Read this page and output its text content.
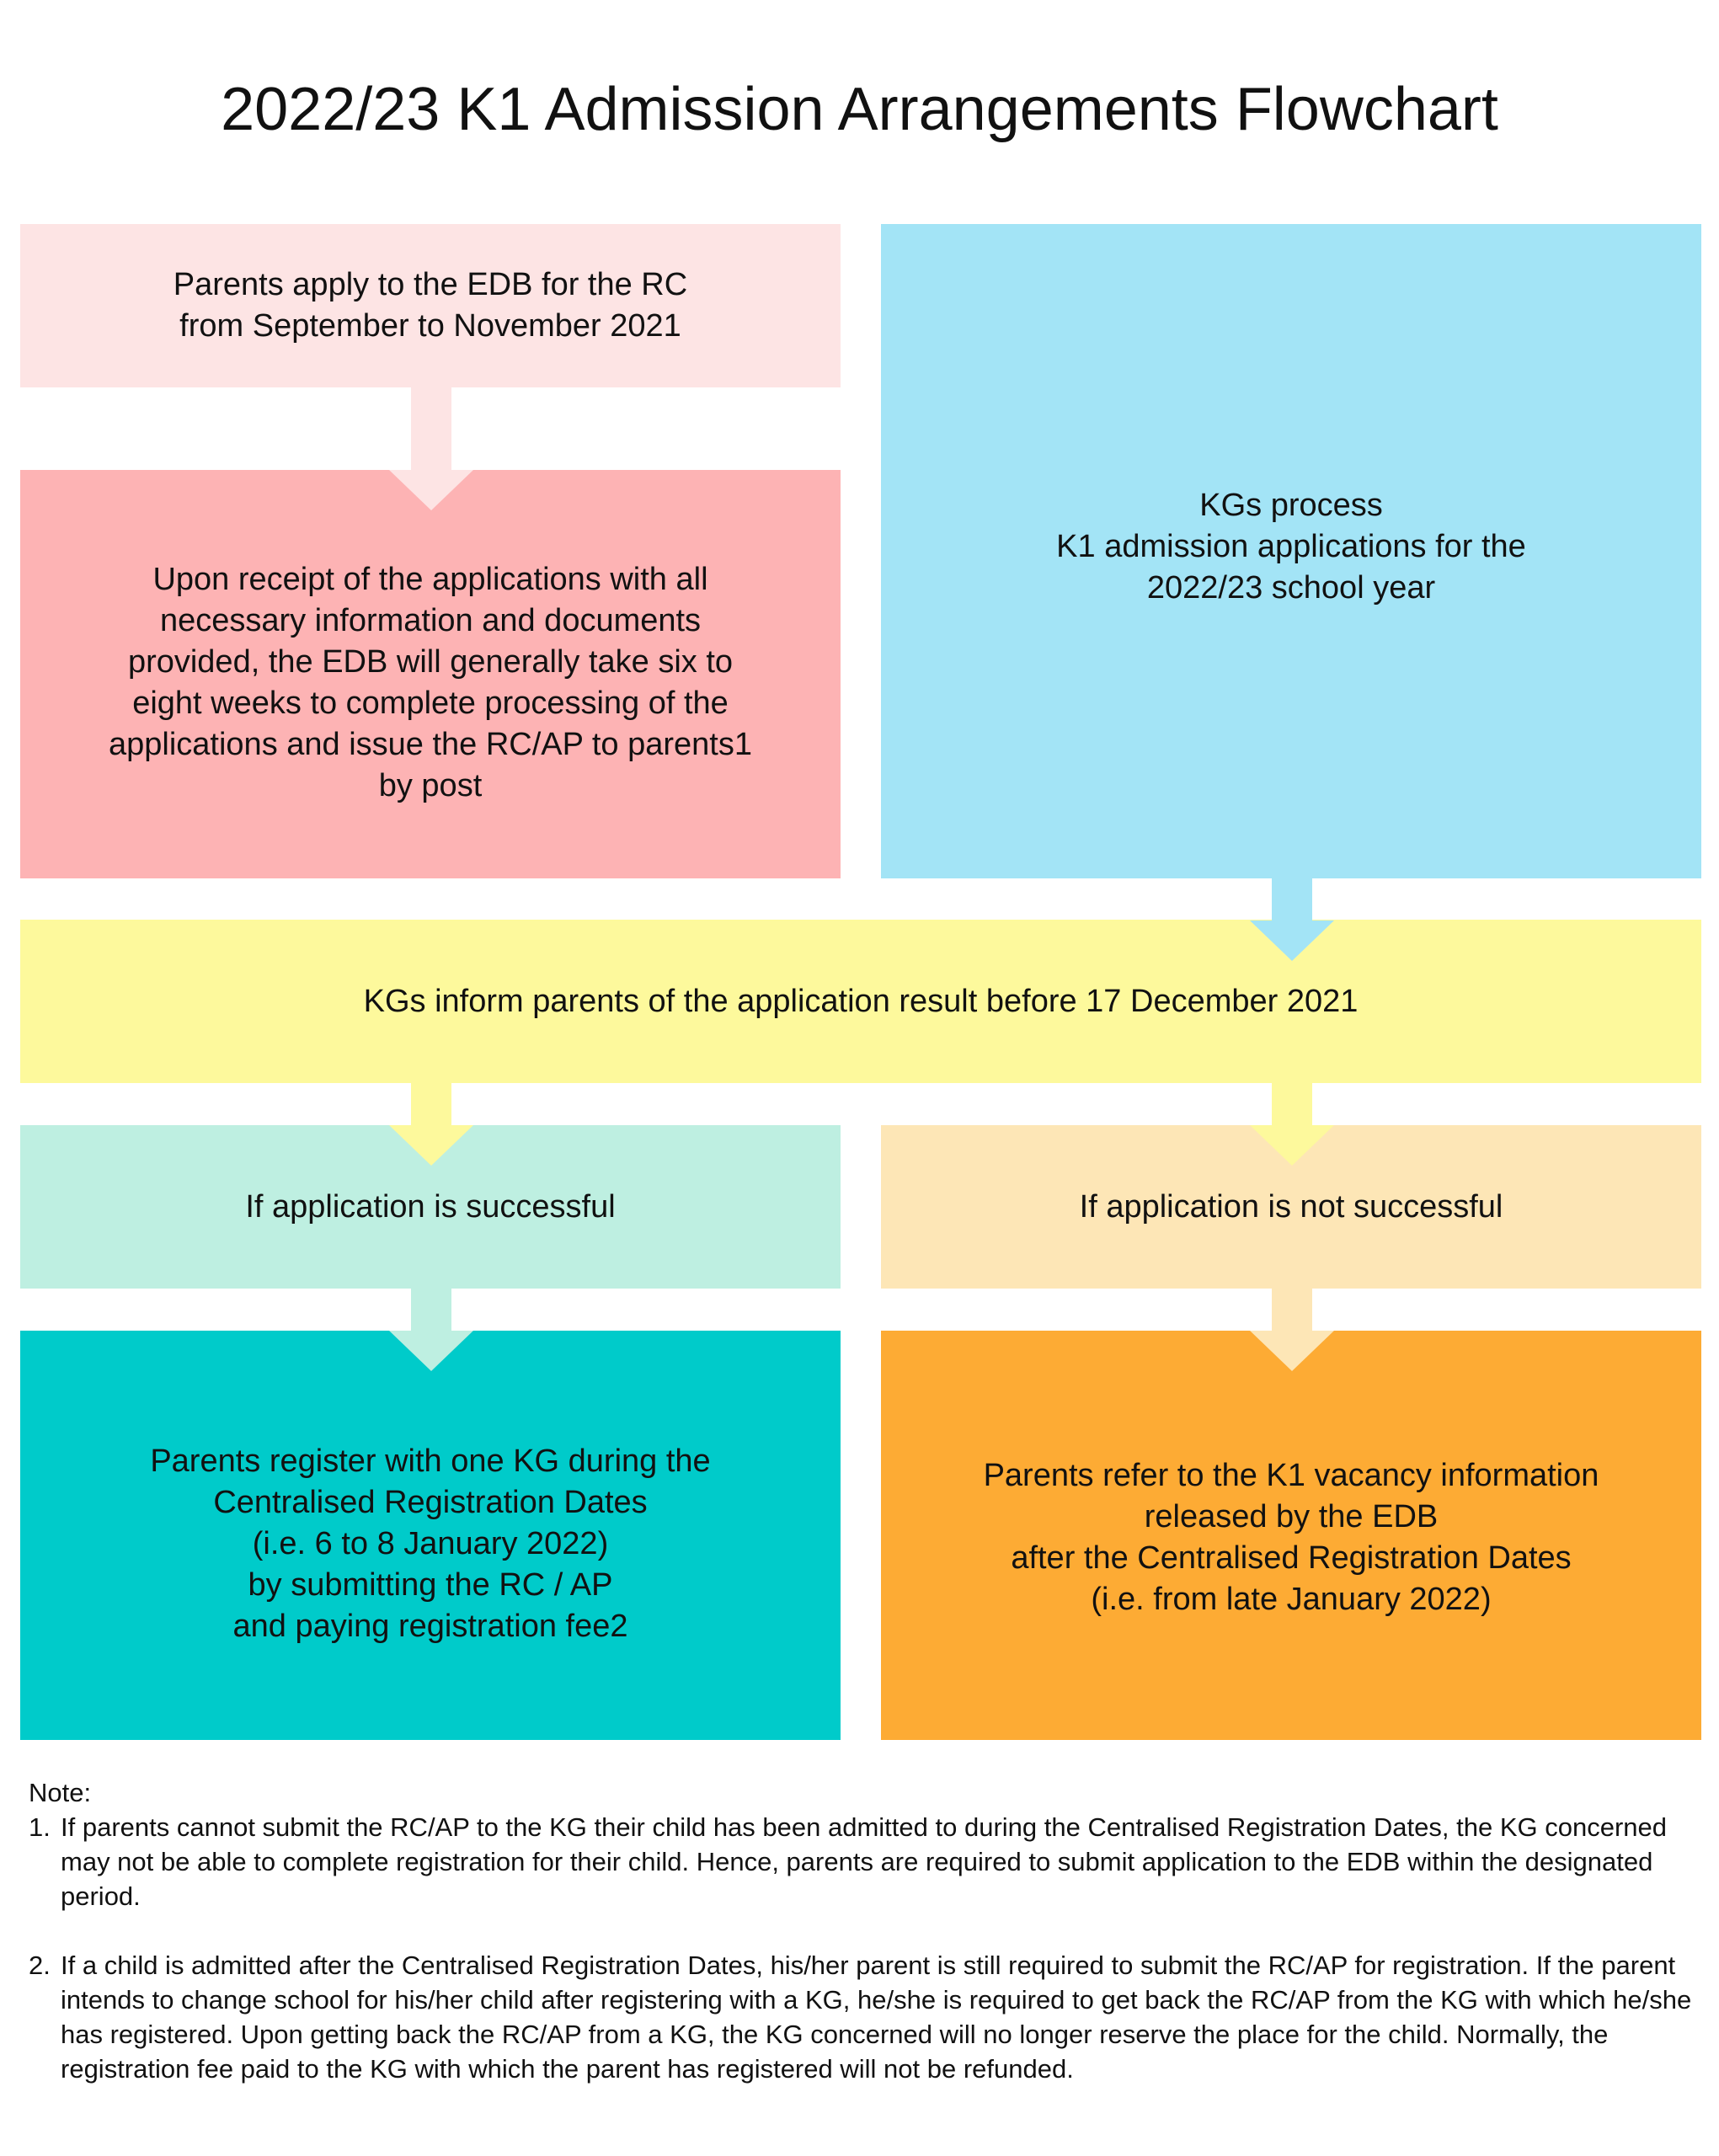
2022/23 K1 Admission Arrangements Flowchart
Parents apply to the EDB for the RC
from September to November 2021
Upon receipt of the applications with all
necessary information and documents
provided, the EDB will generally take six to
eight weeks to complete processing of the
applications and issue the RC/AP to parents1
by post
KGs process
K1 admission applications for the
2022/23 school year
KGs inform parents of the application result before 17 December 2021
If application is successful	If application is not successful
Parents register with one KG during the
Centralised Registration Dates
(i.e. 6 to 8 January 2022)
by submitting the RC / AP
and paying registration fee2
Parents refer to the K1 vacancy information
released by the EDB
after the Centralised Registration Dates
(i.e. from late January 2022)
Note:
1. If parents cannot submit the RC/AP to the KG their child has been admitted to during the Centralised Registration Dates, the KG concerned may not be able to complete registration for their child. Hence, parents are required to submit application to the EDB within the designated period.
2. If a child is admitted after the Centralised Registration Dates, his/her parent is still required to submit the RC/AP for registration. If the parent intends to change school for his/her child after registering with a KG, he/she is required to get back the RC/AP from the KG with which he/she has registered. Upon getting back the RC/AP from a KG, the KG concerned will no longer reserve the place for the child. Normally, the registration fee paid to the KG with which the parent has registered will not be refunded.
